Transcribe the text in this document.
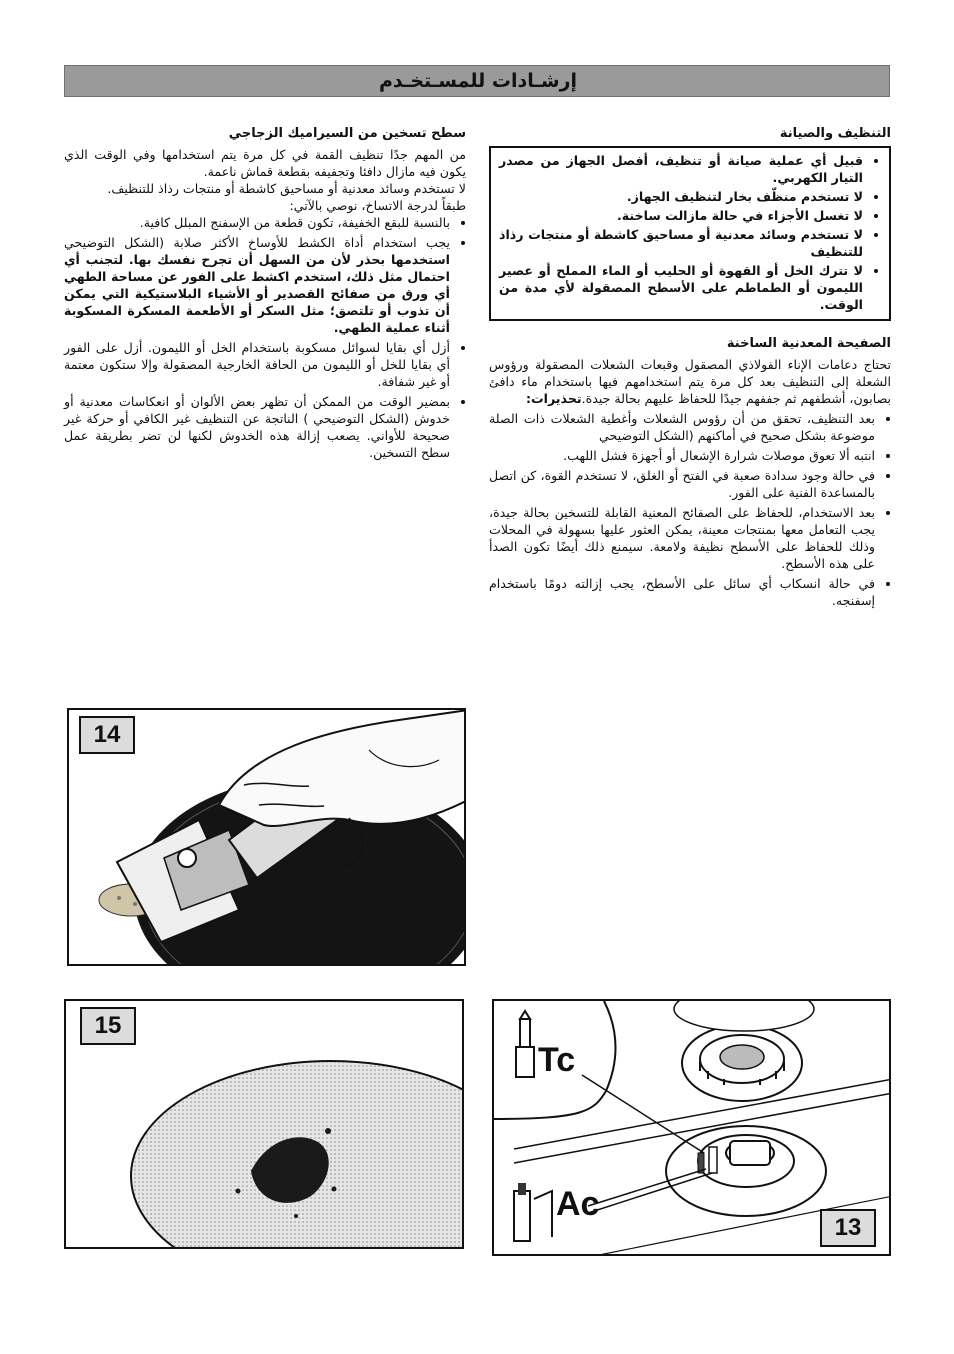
إرشـادات للمسـتخـدم
التنظيف والصيانة
• قبيل أي عملية صيانة أو تنظيف، أفصل الجهاز من مصدر التيار الكهربي.
• لا تستخدم منظّف بخار لتنظيف الجهاز.
• لا تغسل الأجزاء في حالة مازالت ساخنة.
• لا تستخدم وسائد معدنية أو مساحيق كاشطة أو منتجات رذاذ للتنظيف
• لا تترك الخل أو القهوة أو الحليب أو الماء المملح أو عصير الليمون أو الطماطم على الأسطح المصقولة لأي مدة من الوقت.
الصفيحة المعدنية الساخنة

تحتاج دعامات الإناء الفولاذي المصقول وقبعات الشعلات المصقولة ورؤوس الشعلة إلى التنظيف بعد كل مرة يتم استخدامهم فيها باستخدام ماء دافئ بصابون، أشطفهم ثم جففهم جيدًا للحفاظ عليهم بحالة جيدة.تحذيرات:

• بعد التنظيف، تحقق من أن رؤوس الشعلات وأغطية الشعلات ذات الصلة موضوعة بشكل صحيح في أماكنهم (الشكل التوضيحي
• انتبه ألا تعوق موصلات شرارة الإشعال أو أجهزة فشل اللهب.
• في حالة وجود سدادة صعبة في الفتح أو الغلق، لا تستخدم القوة، كن اتصل بالمساعدة الفنية على الفور.
• بعد الاستخدام، للحفاظ على الصفائح المعنية القابلة للتسخين بحالة جيدة، يجب التعامل معها بمنتجات معينة، يمكن العثور عليها بسهولة في المحلات وذلك للحفاظ على الأسطح نظيفة ولامعة. سيمنع ذلك أيضًا تكون الصدأ على هذه الأسطح.
• في حالة انسكاب أي سائل على الأسطح، يجب إزالته دومًا باستخدام إسفنجه.
سطح تسخين من السيراميك الزجاجي

من المهم جدًا تنظيف القمة في كل مرة يتم استخدامها وفي الوقت الذي يكون فيه مازال دافئا وتجفيفه بقطعة قماش ناعمة.

لا تستخدم وسائد معدنية أو مساحيق كاشطة أو منتجات رذاذ للتنظيف.

طبقاً لدرجة الاتساخ، نوصي بالآتي:

• بالنسبة للبقع الخفيفة، تكون قطعة من الإسفنج المبلل كافية.
• يجب استخدام أداة الكشط للأوساخ الأكثر صلابة (الشكل التوضيحي استخدمها بحذر لأن من السهل أن تجرح نفسك بها. لتجنب أي احتمال مثل ذلك، استخدم اكشط على الفور عن مساحة الطهي أي ورق من صفائح القصدير أو الأشياء البلاستيكية التي يمكن أن تذوب أو تلتصق؛ مثل السكر أو الأطعمة المسكرة المسكوبة أثناء عملية الطهي.
• أزل أي بقايا لسوائل مسكوبة باستخدام الخل أو الليمون. أزل على الفور أي بقايا للخل أو الليمون من الحافة الخارجية المصقولة وإلا ستكون معتمة أو غير شفافة.
• بمضير الوقت من الممكن أن تظهر بعض الألوان أو انعكاسات معدنية أو خدوش (الشكل التوضيحي ) الناتجة عن التنظيف غير الكافي أو حركة غير صحيحة للأواني. يصعب إزالة هذه الخدوش لكنها لن تضر بطريقة عمل سطح التسخين.
14
15
Tc
Ac
13
